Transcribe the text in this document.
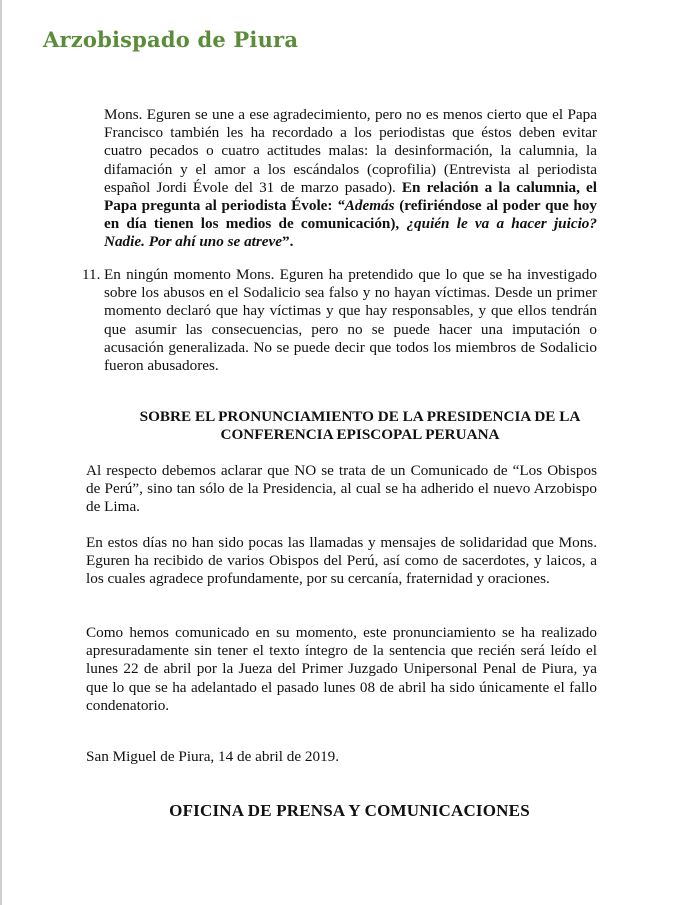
Arzobispado de Piura

Mons. Eguren se une a ese agradecimiento, pero no es menos cierto que el Papa Francisco también les ha recordado a los periodistas que éstos deben evitar cuatro pecados o cuatro actitudes malas: la desinformación, la calumnia, la difamación y el amor a los escándalos (coprofilia) (Entrevista al periodista español Jordi Évole del 31 de marzo pasado). En relación a la calumnia, el Papa pregunta al periodista Évole: “Además (refiriéndose al poder que hoy en día tienen los medios de comunicación), ¿quién le va a hacer juicio? Nadie. Por ahí uno se atreve”.

11. En ningún momento Mons. Eguren ha pretendido que lo que se ha investigado sobre los abusos en el Sodalicio sea falso y no hayan víctimas. Desde un primer momento declaró que hay víctimas y que hay responsables, y que ellos tendrán que asumir las consecuencias, pero no se puede hacer una imputación o acusación generalizada. No se puede decir que todos los miembros de Sodalicio fueron abusadores.

SOBRE EL PRONUNCIAMIENTO DE LA PRESIDENCIA DE LA
CONFERENCIA EPISCOPAL PERUANA

Al respecto debemos aclarar que NO se trata de un Comunicado de “Los Obispos de Perú”, sino tan sólo de la Presidencia, al cual se ha adherido el nuevo Arzobispo de Lima.

En estos días no han sido pocas las llamadas y mensajes de solidaridad que Mons. Eguren ha recibido de varios Obispos del Perú, así como de sacerdotes, y laicos, a los cuales agradece profundamente, por su cercanía, fraternidad y oraciones.

Como hemos comunicado en su momento, este pronunciamiento se ha realizado apresuradamente sin tener el texto íntegro de la sentencia que recién será leído el lunes 22 de abril por la Jueza del Primer Juzgado Unipersonal Penal de Piura, ya que lo que se ha adelantado el pasado lunes 08 de abril ha sido únicamente el fallo condenatorio.

San Miguel de Piura, 14 de abril de 2019.
OFICINA DE PRENSA Y COMUNICACIONES
